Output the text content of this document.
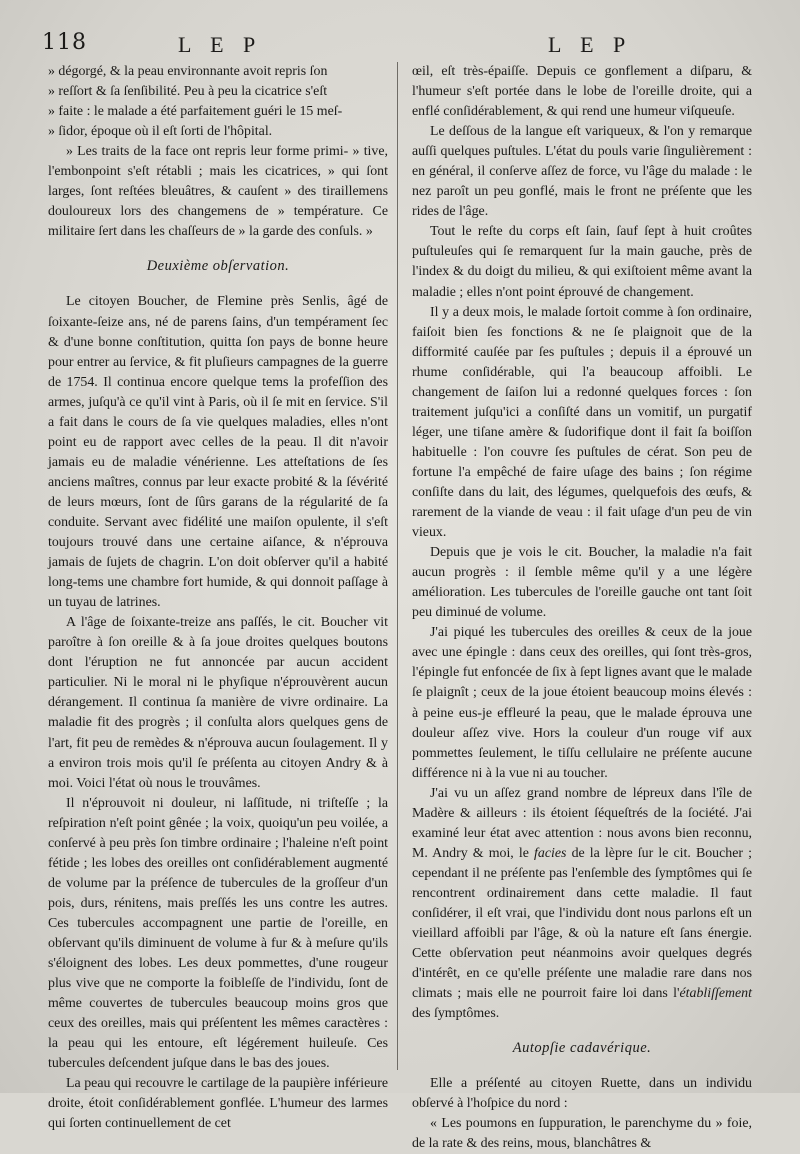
118	L E P	L E P

» dégorgé, & la peau environnante avoit repris ſon

» reſſort & ſa ſenſibilité. Peu à peu la cicatrice s'eſt

» faite : le malade a été parfaitement guéri le 15 meſ-

» ſidor, époque où il eſt ſorti de l'hôpital.

» Les traits de la face ont repris leur forme primi- » tive, l'embonpoint s'eſt rétabli ; mais les cicatrices, » qui ſont larges, ſont reſtées bleuâtres, & cauſent » des tiraillemens douloureux lors des changemens de » température. Ce militaire ſert dans les chaſſeurs de » la garde des conſuls. »

Deuxième obſervation.

Le citoyen Boucher, de Flemine près Senlis, âgé de ſoixante-ſeize ans, né de parens ſains, d'un tempérament ſec & d'une bonne conſtitution, quitta ſon pays de bonne heure pour entrer au ſervice, & fit pluſieurs campagnes de la guerre de 1754. Il continua encore quelque tems la profeſſion des armes, juſqu'à ce qu'il vint à Paris, où il ſe mit en ſervice. S'il a fait dans le cours de ſa vie quelques maladies, elles n'ont point eu de rapport avec celles de la peau. Il dit n'avoir jamais eu de maladie vénérienne. Les atteſtations de ſes anciens maîtres, connus par leur exacte probité & la ſévérité de leurs mœurs, ſont de ſûrs garans de la régularité de ſa conduite. Servant avec fidélité une maiſon opulente, il s'eſt toujours trouvé dans une certaine aiſance, & n'éprouva jamais de ſujets de chagrin. L'on doit obſerver qu'il a habité long-tems une chambre fort humide, & qui donnoit paſſage à un tuyau de latrines.

A l'âge de ſoixante-treize ans paſſés, le cit. Boucher vit paroître à ſon oreille & à ſa joue droites quelques boutons dont l'éruption ne fut annoncée par aucun accident particulier. Ni le moral ni le phyſique n'éprouvèrent aucun dérangement. Il continua ſa manière de vivre ordinaire. La maladie fit des progrès ; il conſulta alors quelques gens de l'art, fit peu de remèdes & n'éprouva aucun ſoulagement. Il y a environ trois mois qu'il ſe préſenta au citoyen Andry & à moi. Voici l'état où nous le trouvâmes.

Il n'éprouvoit ni douleur, ni laſſitude, ni triſteſſe ; la reſpiration n'eſt point gênée ; la voix, quoiqu'un peu voilée, a conſervé à peu près ſon timbre ordinaire ; l'haleine n'eſt point fétide ; les lobes des oreilles ont conſidérablement augmenté de volume par la préſence de tubercules de la groſſeur d'un pois, durs, rénitens, mais preſſés les uns contre les autres. Ces tubercules accompagnent une partie de l'oreille, en obſervant qu'ils diminuent de volume à fur & à meſure qu'ils s'éloignent des lobes. Les deux pommettes, d'une rougeur plus vive que ne comporte la foibleſſe de l'individu, ſont de même couvertes de tubercules beaucoup moins gros que ceux des oreilles, mais qui préſentent les mêmes caractères : la peau qui les entoure, eſt légérement huileuſe. Ces tubercules deſcendent juſque dans le bas des joues.

La peau qui recouvre le cartilage de la paupière inférieure droite, étoit conſidérablement gonflée. L'humeur des larmes qui ſorten continuellement de cet

œil, eſt très-épaiſſe. Depuis ce gonflement a diſparu, & l'humeur s'eſt portée dans le lobe de l'oreille droite, qui a enflé conſidérablement, & qui rend une humeur viſqueuſe.

Le deſſous de la langue eſt variqueux, & l'on y remarque auſſi quelques puſtules. L'état du pouls varie ſingulièrement : en général, il conſerve aſſez de force, vu l'âge du malade : le nez paroît un peu gonflé, mais le front ne préſente que les rides de l'âge.

Tout le reſte du corps eſt ſain, ſauf ſept à huit croûtes puſtuleuſes qui ſe remarquent ſur la main gauche, près de l'index & du doigt du milieu, & qui exiſtoient même avant la maladie ; elles n'ont point éprouvé de changement.

Il y a deux mois, le malade ſortoit comme à ſon ordinaire, faiſoit bien ſes fonctions & ne ſe plaignoit que de la difformité cauſée par ſes puſtules ; depuis il a éprouvé un rhume conſidérable, qui l'a beaucoup affoibli. Le changement de ſaiſon lui a redonné quelques forces : ſon traitement juſqu'ici a conſiſté dans un vomitif, un purgatif léger, une tiſane amère & ſudorifique dont il fait ſa boiſſon habituelle : l'on couvre ſes puſtules de cérat. Son peu de fortune l'a empêché de faire uſage des bains ; ſon régime conſiſte dans du lait, des légumes, quelquefois des œufs, & rarement de la viande de veau : il fait uſage d'un peu de vin vieux.

Depuis que je vois le cit. Boucher, la maladie n'a fait aucun progrès : il ſemble même qu'il y a une légère amélioration. Les tubercules de l'oreille gauche ont tant ſoit peu diminué de volume.

J'ai piqué les tubercules des oreilles & ceux de la joue avec une épingle : dans ceux des oreilles, qui ſont très-gros, l'épingle fut enfoncée de ſix à ſept lignes avant que le malade ſe plaignît ; ceux de la joue étoient beaucoup moins élevés : à peine eus-je effleuré la peau, que le malade éprouva une douleur aſſez vive. Hors la couleur d'un rouge vif aux pommettes ſeulement, le tiſſu cellulaire ne préſente aucune différence ni à la vue ni au toucher.

J'ai vu un aſſez grand nombre de lépreux dans l'île de Madère & ailleurs : ils étoient ſéqueſtrés de la ſociété. J'ai examiné leur état avec attention : nous avons bien reconnu, M. Andry & moi, le facies de la lèpre ſur le cit. Boucher ; cependant il ne préſente pas l'enſemble des ſymptômes qui ſe rencontrent ordinairement dans cette maladie. Il faut conſidérer, il eſt vrai, que l'individu dont nous parlons eſt un vieillard affoibli par l'âge, & où la nature eſt ſans énergie. Cette obſervation peut néanmoins avoir quelques degrés d'intérêt, en ce qu'elle préſente une maladie rare dans nos climats ; mais elle ne pourroit faire loi dans l'établiſſement des ſymptômes.

Autopſie cadavérique.

Elle a préſenté au citoyen Ruette, dans un individu obſervé à l'hoſpice du nord :

« Les poumons en ſuppuration, le parenchyme du » foie, de la rate & des reins, mous, blanchâtres &
